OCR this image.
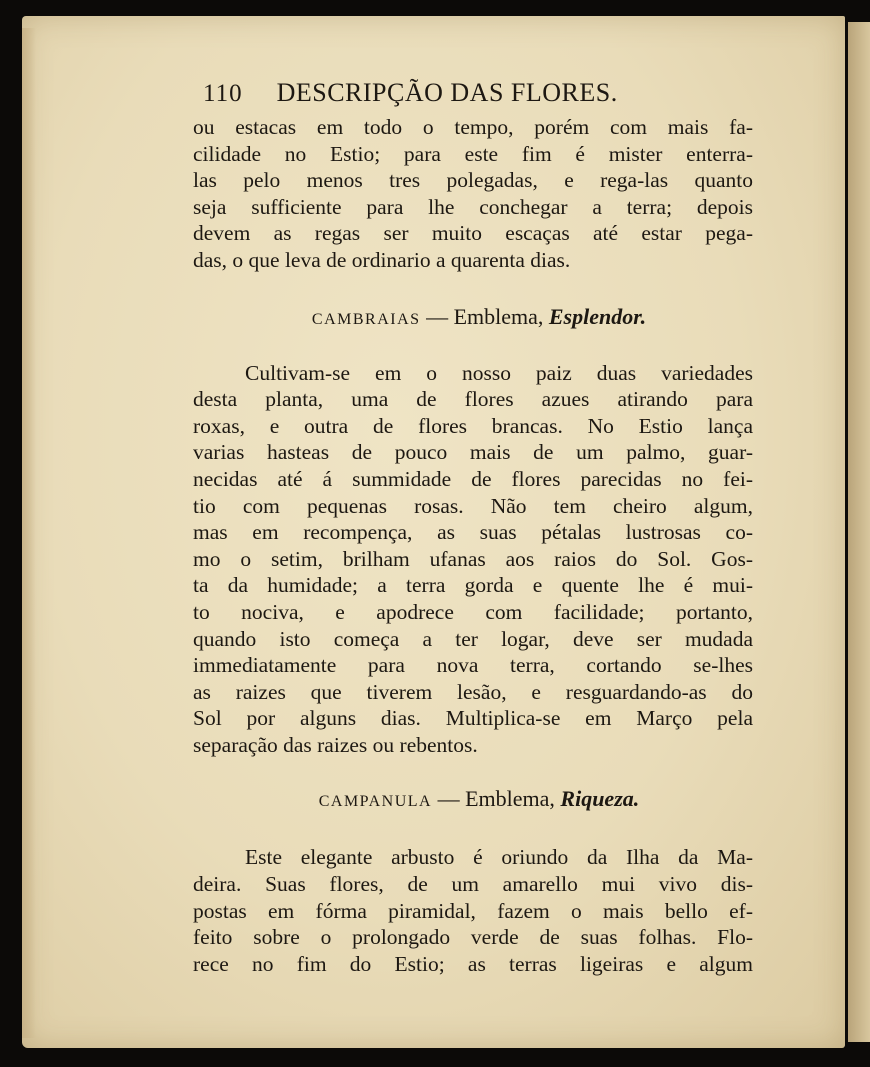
110 DESCRIPÇÃO DAS FLORES.
ou estacas em todo o tempo, porém com mais fa-
cilidade no Estio; para este fim é mister enterra-
las pelo menos tres polegadas, e rega-las quanto
seja sufficiente para lhe conchegar a terra; depois
devem as regas ser muito escaças até estar pega-
das, o que leva de ordinario a quarenta dias.
CAMBRAIAS — Emblema, Esplendor.
Cultivam-se em o nosso paiz duas variedades
desta planta, uma de flores azues atirando para
roxas, e outra de flores brancas. No Estio lança
varias hasteas de pouco mais de um palmo, guar-
necidas até á summidade de flores parecidas no fei-
tio com pequenas rosas. Não tem cheiro algum,
mas em recompença, as suas pétalas lustrosas co-
mo o setim, brilham ufanas aos raios do Sol. Gos-
ta da humidade; a terra gorda e quente lhe é mui-
to nociva, e apodrece com facilidade; portanto,
quando isto começa a ter logar, deve ser mudada
immediatamente para nova terra, cortando se-lhes
as raizes que tiverem lesão, e resguardando-as do
Sol por alguns dias. Multiplica-se em Março pela
separação das raizes ou rebentos.
CAMPANULA — Emblema, Riqueza.
Este elegante arbusto é oriundo da Ilha da Ma-
deira. Suas flores, de um amarello mui vivo dis-
postas em fórma piramidal, fazem o mais bello ef-
feito sobre o prolongado verde de suas folhas. Flo-
rece no fim do Estio; as terras ligeiras e algum
